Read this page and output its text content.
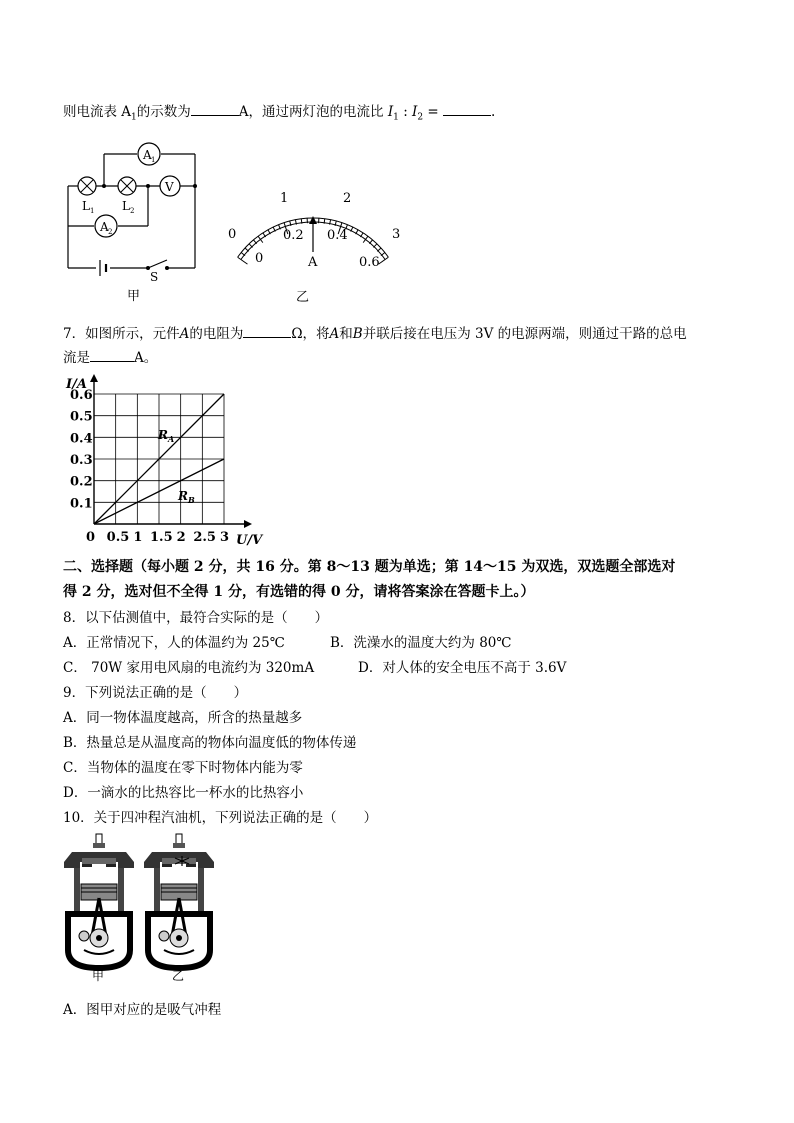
则电流表 $A_1$的示数为	A，通过两灯泡的电流比 $I_1$ : $I_2$ =	.
A 1
L 1 L 2
V
A 2
S
甲
0
1	2
3
0
0.2 0.4
0.6
A
乙
7．如图所示，元件A的电阻为	Ω，将A和B并联后接在电压为 3V 的电源两端，则通过干路的总电
流是	A。
I/A
U/V
0 0.5 1 1.5 2 2.5 3
0.1
0.2
0.3
0.4
0.5
0.6
$R_A$
$R_B$
二、选择题（每小题 2 分，共 16 分。第 8～13 题为单选；第 14～15 为双选，双选题全部选对
得 2 分，选对但不全得 1 分，有选错的得 0 分，请将答案涂在答题卡上。）
8．以下估测值中，最符合实际的是（　　）
A．正常情况下，人的体温约为 25℃	B．洗澡水的温度大约为 80℃
C． 70W 家用电风扇的电流约为 320mA	D．对人体的安全电压不高于 3.6V
9．下列说法正确的是（　　）
A．同一物体温度越高，所含的热量越多
B．热量总是从温度高的物体向温度低的物体传递
C．当物体的温度在零下时物体内能为零
D．一滴水的比热容比一杯水的比热容小
10．关于四冲程汽油机，下列说法正确的是（　　）
甲	乙
A．图甲对应的是吸气冲程
